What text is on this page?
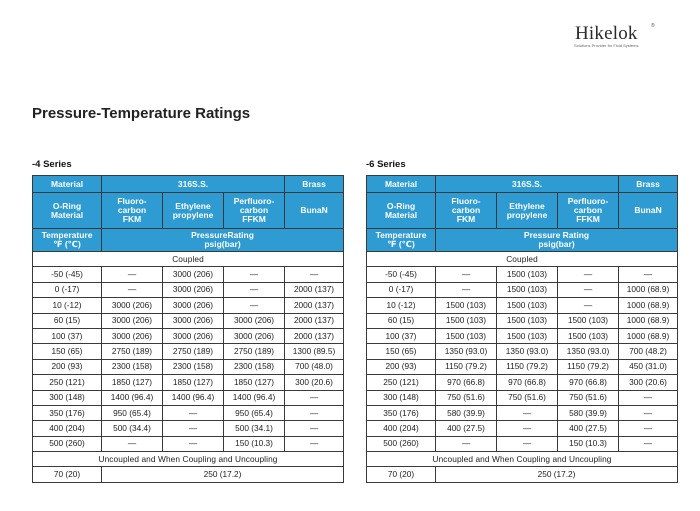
Hikelok	®
Solutions Provider for Fluid Systems
Pressure-Temperature Ratings
-4 Series	-6 Series
Material	316S.S.			Brass
O-Ring
Material	Fluoro-
carbon
FKM	Ethylene
propylene	Perfluoro-
carbon
FFKM	BunaN
Temperature
℉ (℃)	PressureRating
psig(bar)			
Coupled				
-50 (-45)	—	3000 (206)	—	—
0 (-17)	—	3000 (206)	—	2000 (137)
10 (-12)	3000 (206)	3000 (206)	—	2000 (137)
60 (15)	3000 (206)	3000 (206)	3000 (206)	2000 (137)
100 (37)	3000 (206)	3000 (206)	3000 (206)	2000 (137)
150 (65)	2750 (189)	2750 (189)	2750 (189)	1300 (89.5)
200 (93)	2300 (158)	2300 (158)	2300 (158)	700 (48.0)
250 (121)	1850 (127)	1850 (127)	1850 (127)	300 (20.6)
300 (148)	1400 (96.4)	1400 (96.4)	1400 (96.4)	—
350 (176)	950 (65.4)	—	950 (65.4)	—
400 (204)	500 (34.4)	—	500 (34.1)	—
500 (260)	—	—	150 (10.3)	—
Uncoupled and When Coupling and Uncoupling				
70 (20)	250 (17.2)			
Material	316S.S.			Brass
O-Ring
Material	Fluoro-
carbon
FKM	Ethylene
propylene	Perfluoro-
carbon
FFKM	BunaN
Temperature
℉ (℃)	Pressure Rating
psig(bar)			
Coupled				
-50 (-45)	—	1500 (103)	—	—
0 (-17)	—	1500 (103)	—	1000 (68.9)
10 (-12)	1500 (103)	1500 (103)	—	1000 (68.9)
60 (15)	1500 (103)	1500 (103)	1500 (103)	1000 (68.9)
100 (37)	1500 (103)	1500 (103)	1500 (103)	1000 (68.9)
150 (65)	1350 (93.0)	1350 (93.0)	1350 (93.0)	700 (48.2)
200 (93)	1150 (79.2)	1150 (79.2)	1150 (79.2)	450 (31.0)
250 (121)	970 (66.8)	970 (66.8)	970 (66.8)	300 (20.6)
300 (148)	750 (51.6)	750 (51.6)	750 (51.6)	—
350 (176)	580 (39.9)	—	580 (39.9)	—
400 (204)	400 (27.5)	—	400 (27.5)	—
500 (260)	—	—	150 (10.3)	—
Uncoupled and When Coupling and Uncoupling				
70 (20)	250 (17.2)			
